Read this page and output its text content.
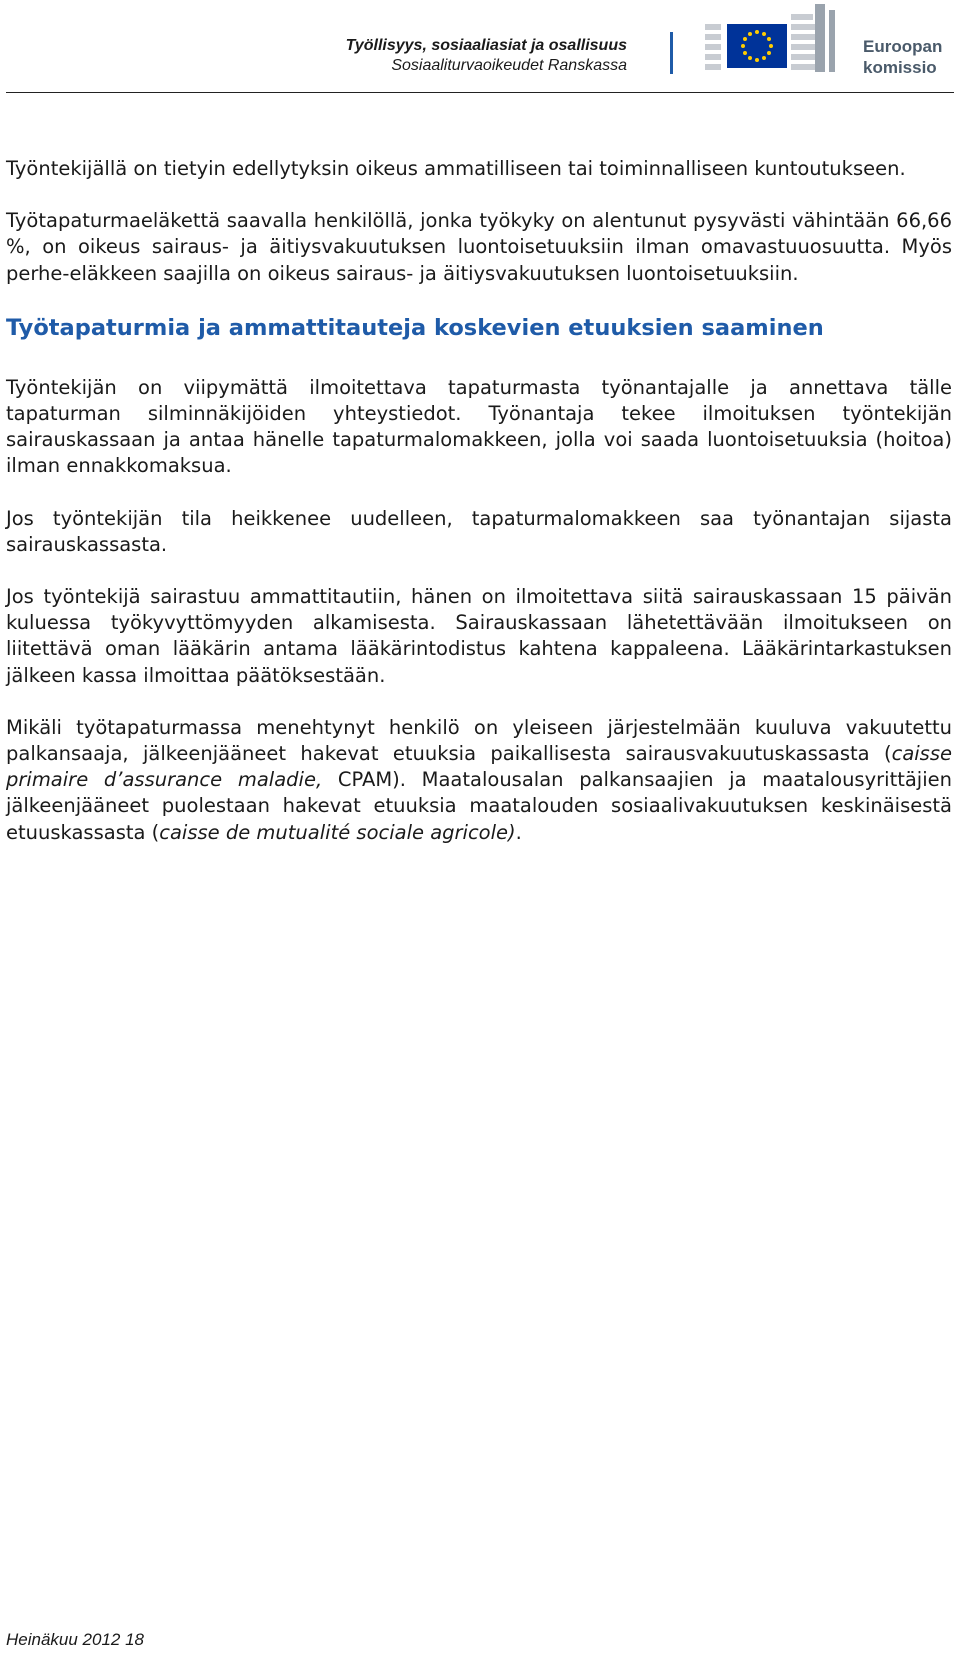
Työllisyys, sosiaaliasiat ja osallisuus
Sosiaaliturvaoikeudet Ranskassa
Euroopan
komissio

Työntekijällä on tietyin edellytyksin oikeus ammatilliseen tai toiminnalliseen kuntoutukseen.

Työtapaturmaeläkettä saavalla henkilöllä, jonka työkyky on alentunut pysyvästi vähintään 66,66 %, on oikeus sairaus- ja äitiysvakuutuksen luontoisetuuksiin ilman omavastuuosuutta. Myös perhe-eläkkeen saajilla on oikeus sairaus- ja äitiysvakuutuksen luontoisetuuksiin.

Työtapaturmia ja ammattitauteja koskevien etuuksien saaminen

Työntekijän on viipymättä ilmoitettava tapaturmasta työnantajalle ja annettava tälle tapaturman silminnäkijöiden yhteystiedot. Työnantaja tekee ilmoituksen työntekijän sairauskassaan ja antaa hänelle tapaturmalomakkeen, jolla voi saada luontoisetuuksia (hoitoa) ilman ennakkomaksua.

Jos työntekijän tila heikkenee uudelleen, tapaturmalomakkeen saa työnantajan sijasta sairauskassasta.

Jos työntekijä sairastuu ammattitautiin, hänen on ilmoitettava siitä sairauskassaan 15 päivän kuluessa työkyvyttömyyden alkamisesta. Sairauskassaan lähetettävään ilmoitukseen on liitettävä oman lääkärin antama lääkärintodistus kahtena kappaleena. Lääkärintarkastuksen jälkeen kassa ilmoittaa päätöksestään.

Mikäli työtapaturmassa menehtynyt henkilö on yleiseen järjestelmään kuuluva vakuutettu palkansaaja, jälkeenjääneet hakevat etuuksia paikallisesta sairausvakuutuskassasta (caisse primaire d’assurance maladie, CPAM). Maatalousalan palkansaajien ja maatalousyrittäjien jälkeenjääneet puolestaan hakevat etuuksia maatalouden sosiaalivakuutuksen keskinäisestä etuuskassasta (caisse de mutualité sociale agricole).

Heinäkuu 2012 18
